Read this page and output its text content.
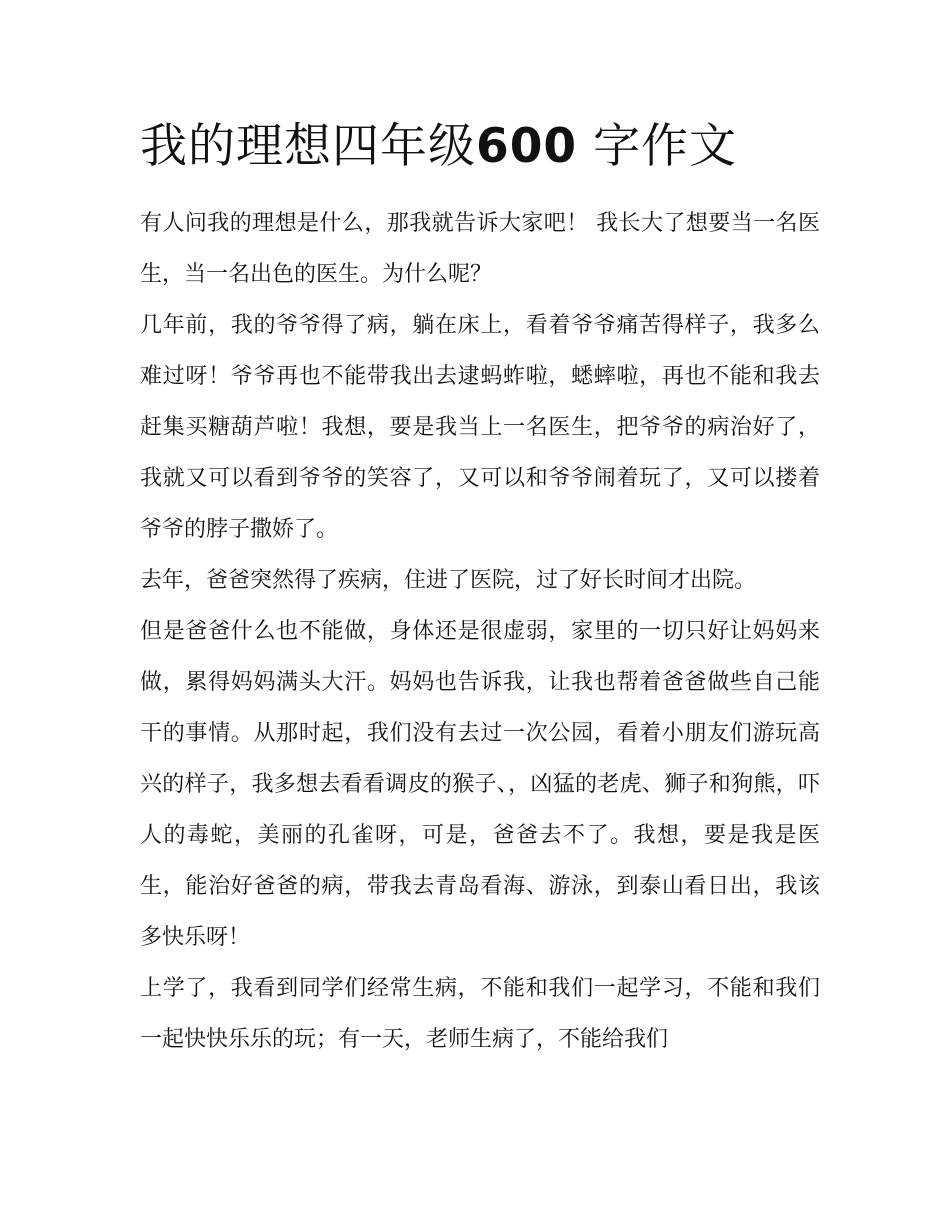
我的理想四年级600 字作文

有人问我的理想是什么，那我就告诉大家吧！ 我长大了想要当一名医生，当一名出色的医生。为什么呢？

几年前，我的爷爷得了病，躺在床上，看着爷爷痛苦得样子，我多么难过呀！爷爷再也不能带我出去逮蚂蚱啦，蟋蟀啦，再也不能和我去赶集买糖葫芦啦！我想，要是我当上一名医生，把爷爷的病治好了，我就又可以看到爷爷的笑容了，又可以和爷爷闹着玩了，又可以搂着爷爷的脖子撒娇了。

去年，爸爸突然得了疾病，住进了医院，过了好长时间才出院。

但是爸爸什么也不能做，身体还是很虚弱，家里的一切只好让妈妈来做，累得妈妈满头大汗。妈妈也告诉我，让我也帮着爸爸做些自己能干的事情。从那时起，我们没有去过一次公园，看着小朋友们游玩高兴的样子，我多想去看看调皮的猴子、，凶猛的老虎、狮子和狗熊，吓人的毒蛇，美丽的孔雀呀，可是，爸爸去不了。我想，要是我是医生，能治好爸爸的病，带我去青岛看海、游泳，到泰山看日出，我该多快乐呀！

上学了，我看到同学们经常生病，不能和我们一起学习，不能和我们一起快快乐乐的玩；有一天，老师生病了，不能给我们
